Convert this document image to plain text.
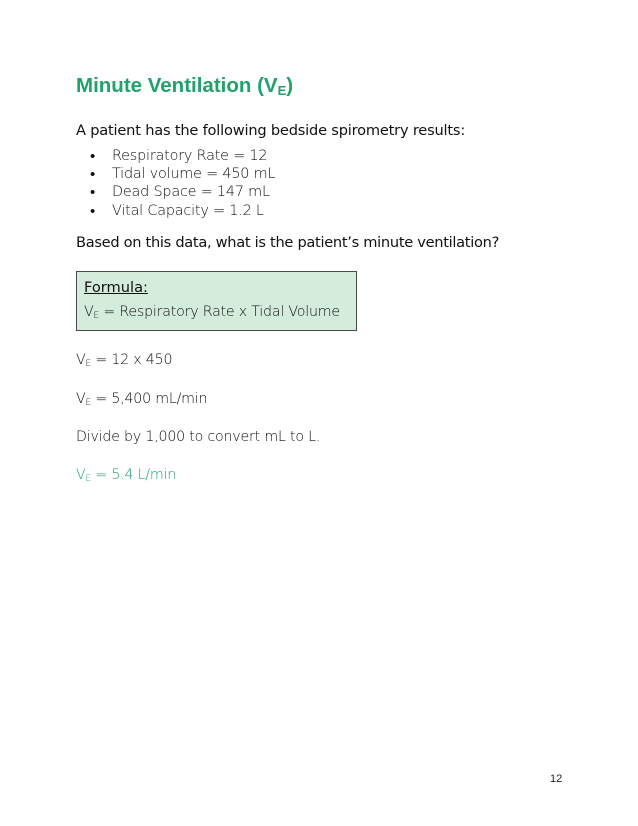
Minute Ventilation $(V_E)$

A patient has the following bedside spirometry results:

• Respiratory Rate = 12
• Tidal volume = 450 mL
• Dead Space = 147 mL
• Vital Capacity = 1.2 L

Based on this data, what is the patient’s minute ventilation?

Formula:
$V_E$ = Respiratory Rate x Tidal Volume

$V_E = 12$ x 450

$V_E = 5,400$ mL/min

Divide by 1,000 to convert mL to L.

$V_E = 5.4$ L/min

12
